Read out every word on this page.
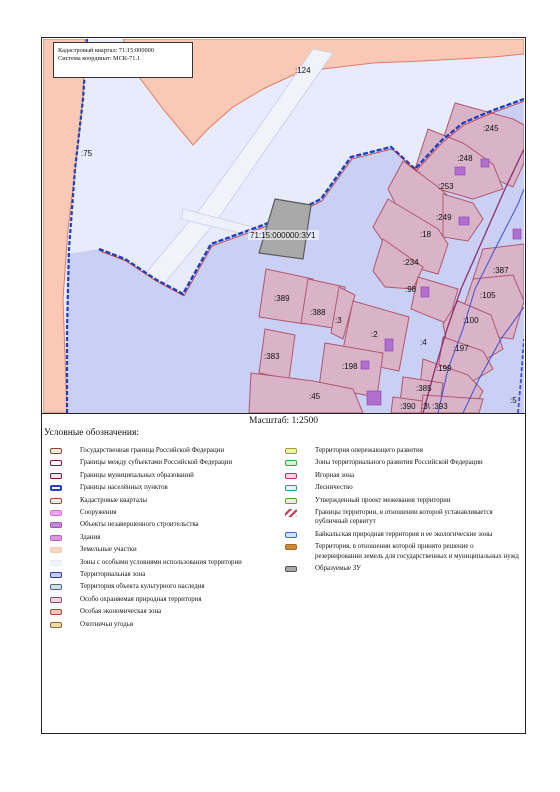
:124
:75
:245
:248
:253
:249
:18
:234
:387
:98
:105
:389
:388
:3	:100
:2
:4
:197
:383
:198	:199
:385
:45
:390 :3\ :393
:5
71:15:000000:ЗУ1
Кадастровый квартал: 71:15:000000
Система координат: МСК-71.1
Масштаб: 1:2500
Условные обозначения:
Государственная граница Российской Федерации
Границы между субъектами Российской Федерации
Границы муниципальных образований
Границы населённых пунктов
Кадастровые кварталы
Сооружения
Объекты незавершенного строительства
Здания
Земельные участки
Зоны с особыми условиями использования территории
Территориальная зона
Территория объекта культурного наследия
Особо охраняемая природная территория
Особая экономическая зона
Охотничьи угодья
Территория опережающего развития
Зоны территориального развития Российской Федерации
Игорная зона
Лесничество
Утвержденный проект межевания территории
Границы территории, в отношении которой устанавливается публичный сервитут
Байкальская природная территория и ее экологические зоны
Территория, в отношении которой принято решение о резервировании земель для государственных и муниципальных нужд
Образуемые ЗУ
